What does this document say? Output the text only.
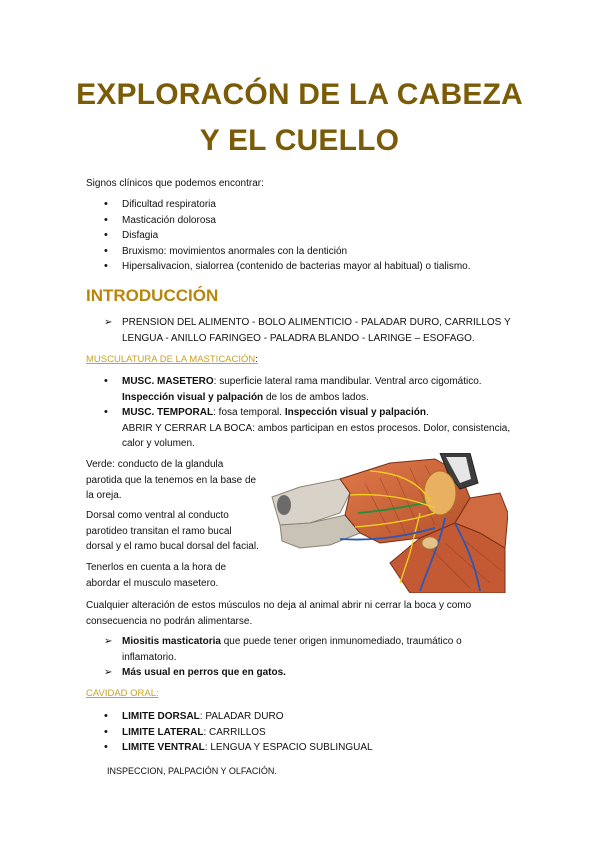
EXPLORACÓN DE LA CABEZA
Y EL CUELLO
Signos clínicos que podemos encontrar:
• Dificultad respiratoria
• Masticación dolorosa
• Disfagia
• Bruxismo: movimientos anormales con la dentición
• Hipersalivacion, sialorrea (contenido de bacterias mayor al habitual) o tialismo.
INTRODUCCIÓN
➢ PRENSION DEL ALIMENTO - BOLO ALIMENTICIO - PALADAR DURO, CARRILLOS Y
LENGUA - ANILLO FARINGEO - PALADRA BLANDO - LARINGE – ESOFAGO.
MUSCULATURA DE LA MASTICACIÓN:
• MUSC. MASETERO: superficie lateral rama mandibular. Ventral arco cigomático.
Inspección visual y palpación de los de ambos lados.
• MUSC. TEMPORAL: fosa temporal. Inspección visual y palpación.
ABRIR Y CERRAR LA BOCA: ambos participan en estos procesos. Dolor, consistencia,
calor y volumen.
Verde: conducto de la glandula
parotida que la tenemos en la base de
la oreja.
Dorsal como ventral al conducto
parotideo transitan el ramo bucal
dorsal y el ramo bucal dorsal del facial.
Tenerlos en cuenta a la hora de
abordar el musculo masetero.
Cualquier alteración de estos músculos no deja al animal abrir ni cerrar la boca y como
consecuencia no podrán alimentarse.
➢ Miositis masticatoria que puede tener origen inmunomediado, traumático o
inflamatorio.
➢ Más usual en perros que en gatos.
CAVIDAD ORAL:
• LIMITE DORSAL: PALADAR DURO
• LIMITE LATERAL: CARRILLOS
• LIMITE VENTRAL: LENGUA Y ESPACIO SUBLINGUAL
INSPECCION, PALPACIÓN Y OLFACIÓN.
